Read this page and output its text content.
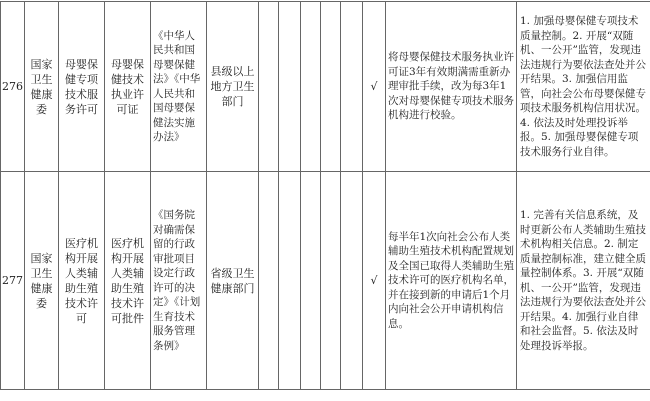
276	国家卫生健康委	母婴保健专项技术服务许可	母婴保健技术执业许可证	《中华人民共和国母婴保健法》《中华人民共和国母婴保健法实施办法》	县级以上地方卫生部门						√	将母婴保健技术服务执业许可证3年有效期满需重新办理审批手续，改为每3年1次对母婴保健专项技术服务机构进行校验。	1. 加强母婴保健专项技术质量控制。2. 开展“双随机、一公开”监管，发现违法违规行为要依法查处并公开结果。3. 加强信用监管，向社会公布母婴保健专项技术服务机构信用状况。4. 依法及时处理投诉举报。5. 加强母婴保健专项技术服务行业自律。
277	国家卫生健康委	医疗机构开展人类辅助生殖技术许可	医疗机构开展人类辅助生殖技术许可批件	《国务院对确需保留的行政审批项目设定行政许可的决定》《计划生育技术服务管理条例》	省级卫生健康部门						√	每半年1次向社会公布人类辅助生殖技术机构配置规划及全国已取得人类辅助生殖技术许可的医疗机构名单，并在接到新的申请后1个月内向社会公开申请机构信息。	1. 完善有关信息系统，及时更新公布人类辅助生殖技术机构相关信息。2. 制定质量控制标准，建立健全质量控制体系。3. 开展“双随机、一公开”监管，发现违法违规行为要依法查处并公开结果。4. 加强行业自律和社会监督。5. 依法及时处理投诉举报。
